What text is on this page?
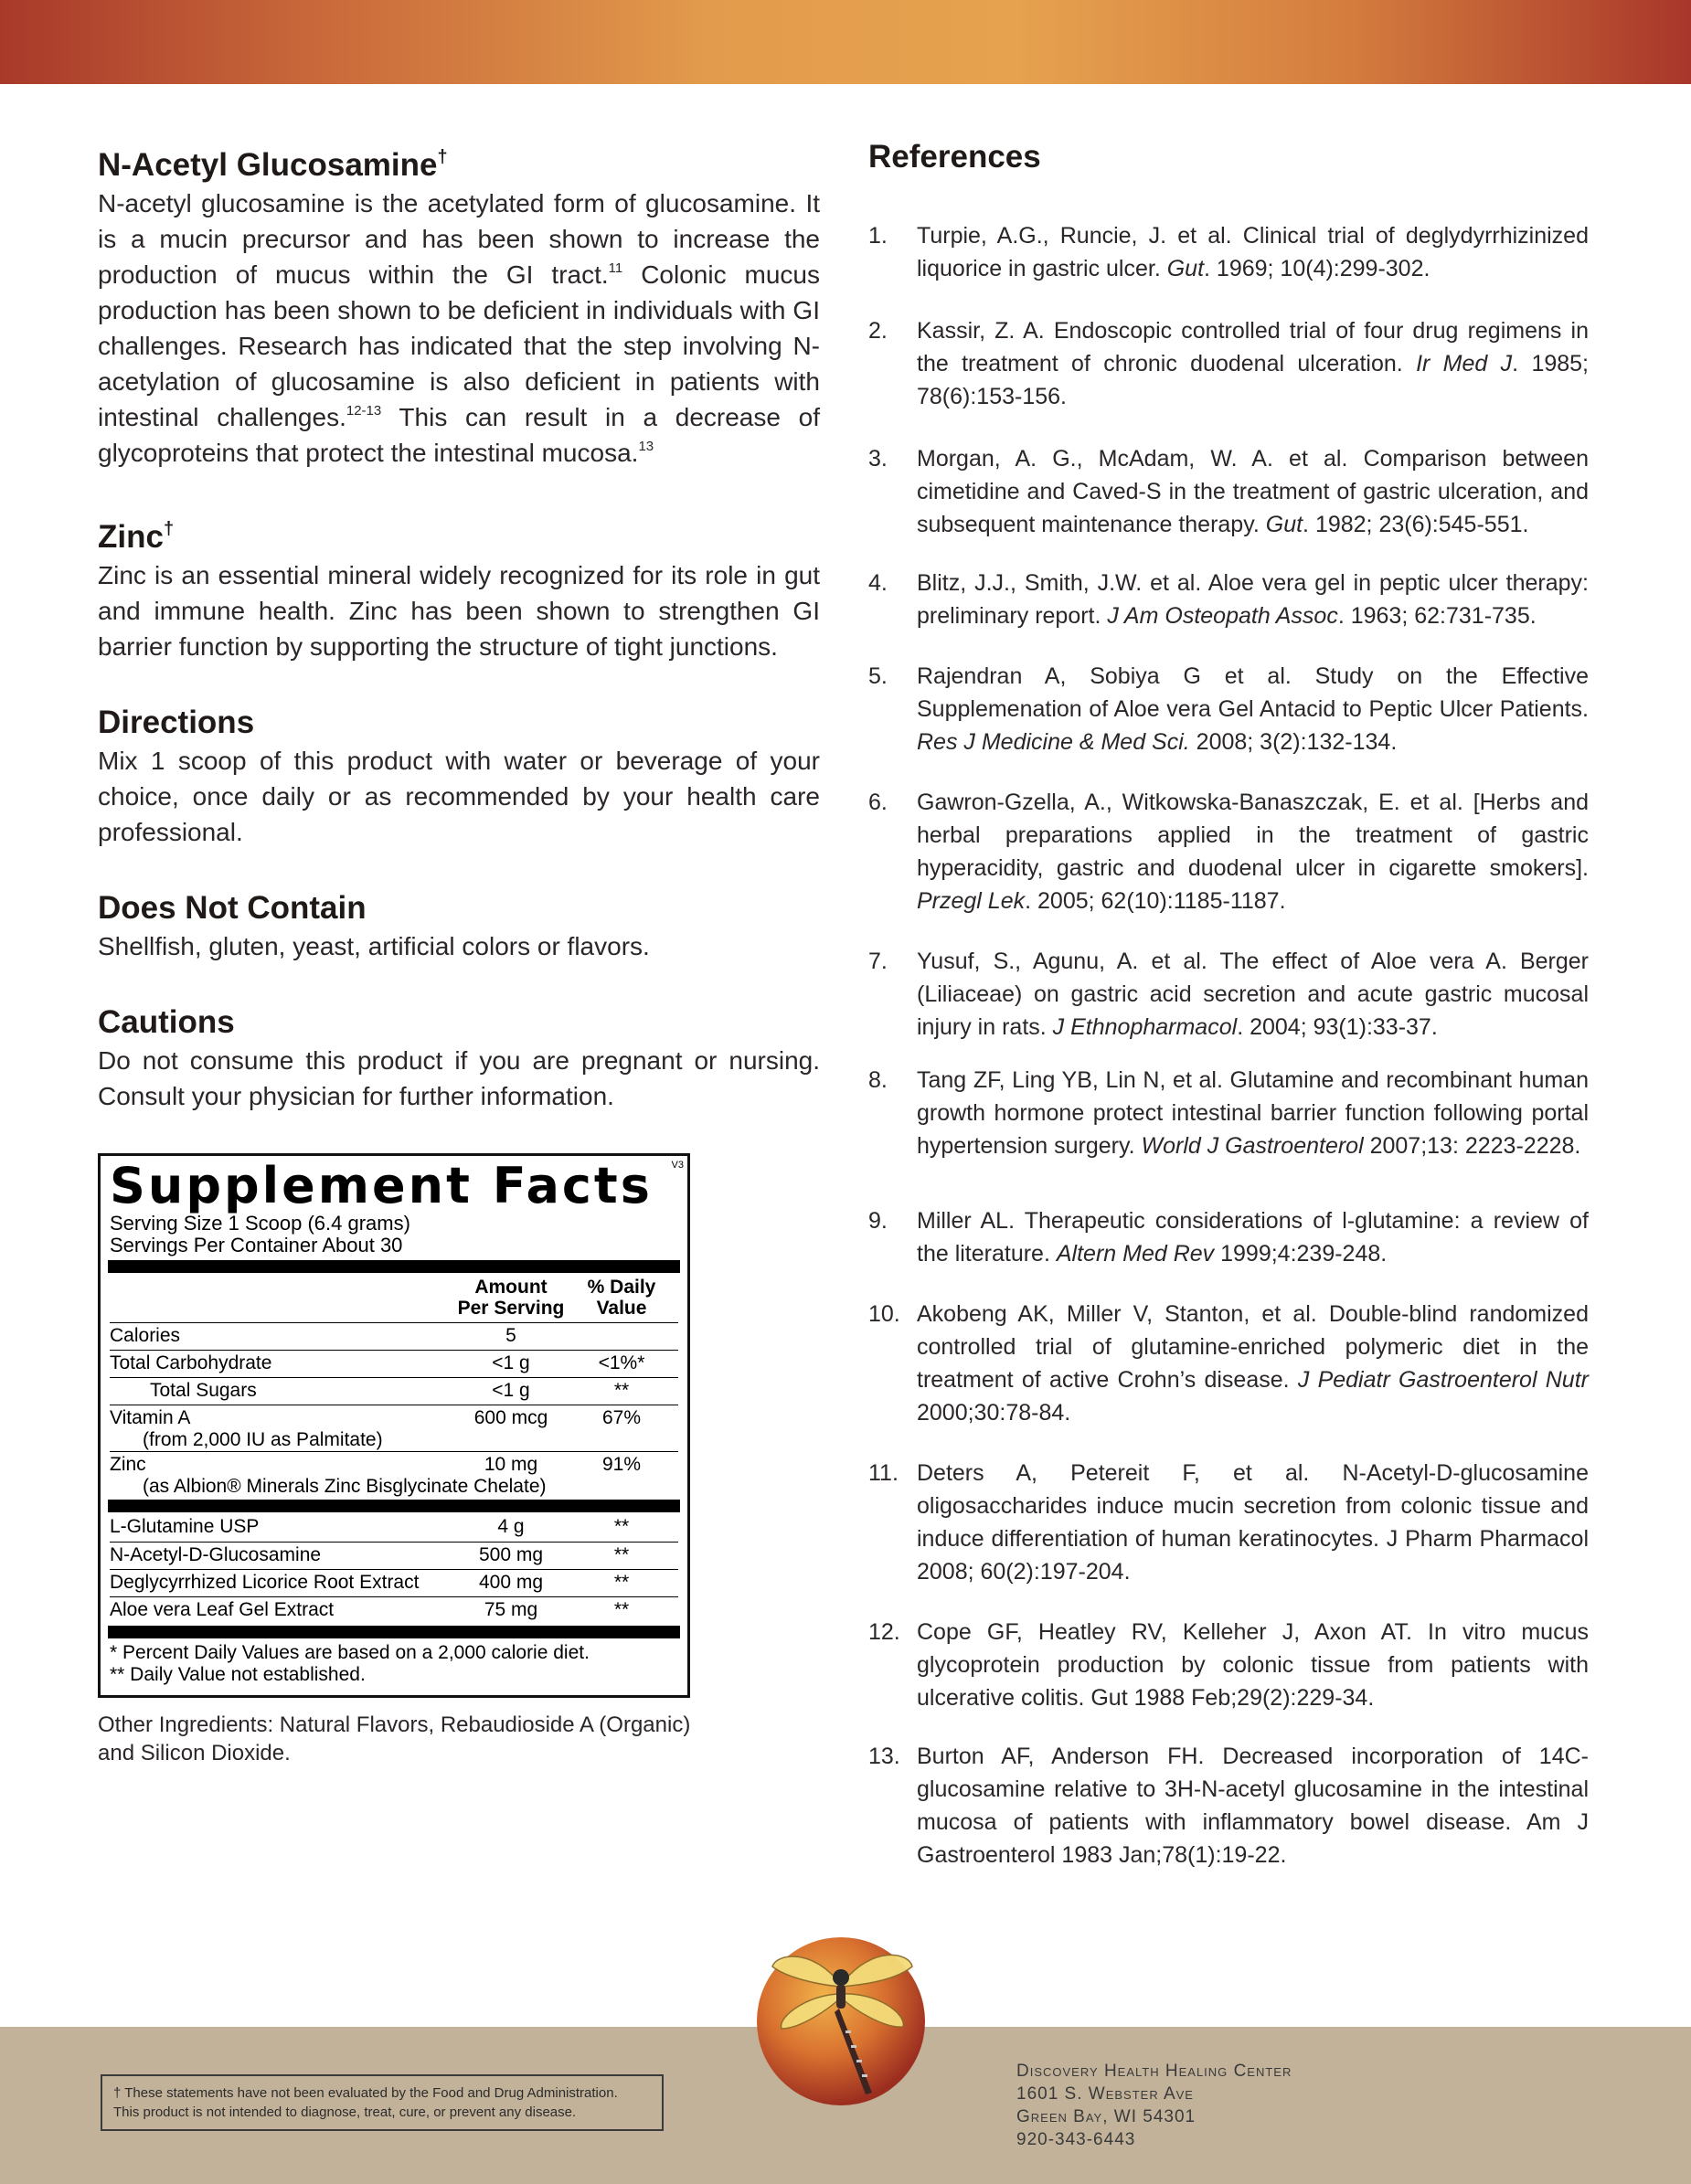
N-Acetyl Glucosamine†

N-acetyl glucosamine is the acetylated form of glucosamine. It is a mucin precursor and has been shown to increase the production of mucus within the GI tract.$^{11}$ Colonic mucus production has been shown to be deficient in individuals with GI challenges. Research has indicated that the step involving N-acetylation of glucosamine is also deficient in patients with intestinal challenges.$^{12-13}$ This can result in a decrease of glycoproteins that protect the intestinal mucosa.$^{13}$

Zinc†

Zinc is an essential mineral widely recognized for its role in gut and immune health. Zinc has been shown to strengthen GI barrier function by supporting the structure of tight junctions.

Directions

Mix 1 scoop of this product with water or beverage of your choice, once daily or as recommended by your health care professional.

Does Not Contain

Shellfish, gluten, yeast, artificial colors or flavors.

Cautions

Do not consume this product if you are pregnant or nursing. Consult your physician for further information.

V3
Supplement Facts
Serving Size 1 Scoop (6.4 grams)
Servings Per Container About 30
Amount Per Serving
% Daily Value
Calories	5
Total Carbohydrate	<1 g	<1%*
Total Sugars	<1 g	**
Vitamin A	600 mcg	67%
(from 2,000 IU as Palmitate)
Zinc	10 mg	91%
(as Albion® Minerals Zinc Bisglycinate Chelate)
L-Glutamine USP	4 g	**
N-Acetyl-D-Glucosamine	500 mg	**
Deglycyrrhized Licorice Root Extract	400 mg	**
Aloe vera Leaf Gel Extract	75 mg	**
* Percent Daily Values are based on a 2,000 calorie diet.
** Daily Value not established.
Other Ingredients: Natural Flavors, Rebaudioside A (Organic) and Silicon Dioxide.
References
1.	Turpie, A.G., Runcie, J. et al. Clinical trial of deglydyrrhizinized liquorice in gastric ulcer. Gut. 1969; 10(4):299-302.
2.	Kassir, Z. A. Endoscopic controlled trial of four drug regimens in the treatment of chronic duodenal ulceration. Ir Med J. 1985; 78(6):153-156.
3.	Morgan, A. G., McAdam, W. A. et al. Comparison between cimetidine and Caved-S in the treatment of gastric ulceration, and subsequent maintenance therapy. Gut. 1982; 23(6):545-551.
4.	Blitz, J.J., Smith, J.W. et al. Aloe vera gel in peptic ulcer therapy: preliminary report. J Am Osteopath Assoc. 1963; 62:731-735.
5.	Rajendran A, Sobiya G et al. Study on the Effective Supplemenation of Aloe vera Gel Antacid to Peptic Ulcer Patients. Res J Medicine & Med Sci. 2008; 3(2):132-134.
6.	Gawron-Gzella, A., Witkowska-Banaszczak, E. et al. [Herbs and herbal preparations applied in the treatment of gastric hyperacidity, gastric and duodenal ulcer in cigarette smokers]. Przegl Lek. 2005; 62(10):1185-1187.
7.	Yusuf, S., Agunu, A. et al. The effect of Aloe vera A. Berger (Liliaceae) on gastric acid secretion and acute gastric mucosal injury in rats. J Ethnopharmacol. 2004; 93(1):33-37.
8.	Tang ZF, Ling YB, Lin N, et al. Glutamine and recombinant human growth hormone protect intestinal barrier function following portal hypertension surgery. World J Gastroenterol 2007;13: 2223-2228.
9.	Miller AL. Therapeutic considerations of l-glutamine: a review of the literature. Altern Med Rev 1999;4:239-248.
10. Akobeng AK, Miller V, Stanton, et al. Double-blind randomized controlled trial of glutamine-enriched polymeric diet in the treatment of active Crohn’s disease. J Pediatr Gastroenterol Nutr 2000;30:78-84.
11. Deters A, Petereit F, et al. N-Acetyl-D-glucosamine oligosaccharides induce mucin secretion from colonic tissue and induce differentiation of human keratinocytes. J Pharm Pharmacol 2008; 60(2):197-204.
12. Cope GF, Heatley RV, Kelleher J, Axon AT. In vitro mucus glycoprotein production by colonic tissue from patients with ulcerative colitis. Gut 1988 Feb;29(2):229-34.
13. Burton AF, Anderson FH. Decreased incorporation of 14C-glucosamine relative to 3H-N-acetyl glucosamine in the intestinal mucosa of patients with inflammatory bowel disease. Am J Gastroenterol 1983 Jan;78(1):19-22.
† These statements have not been evaluated by the Food and Drug Administration.
This product is not intended to diagnose, treat, cure, or prevent any disease.
Discovery Health Healing Center
1601 S. Webster Ave
Green Bay, WI 54301
920-343-6443
